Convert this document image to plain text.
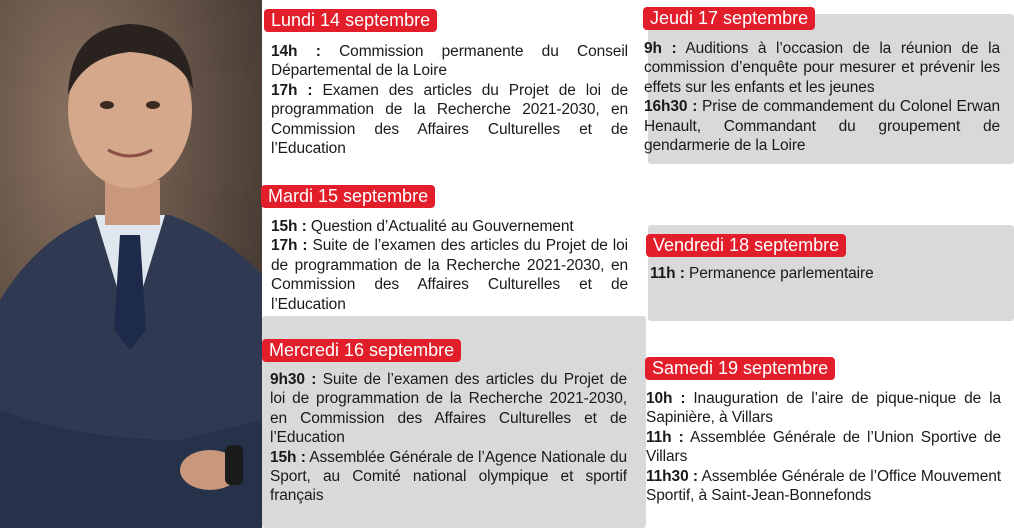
Lundi 14 septembre

14h : Commission permanente du Conseil Départemental de la Loire

17h : Examen des articles du Projet de loi de programmation de la Recherche 2021-2030, en Commission des Affaires Culturelles et de l’Education

Mardi 15 septembre

15h : Question d’Actualité au Gouvernement

17h : Suite de l’examen des articles du Projet de loi de programmation de la Recherche 2021-2030, en Commission des Affaires Culturelles et de l’Education

Mercredi 16 septembre

9h30 : Suite de l’examen des articles du Projet de loi de programmation de la Recherche 2021-2030, en Commission des Affaires Culturelles et de l’Education

15h : Assemblée Générale de l’Agence Nationale du Sport, au Comité national olympique et sportif français

Jeudi 17 septembre

9h : Auditions à l’occasion de la réunion de la commission d’enquête pour mesurer et prévenir les effets sur les enfants et les jeunes

16h30 : Prise de commandement du Colonel Erwan Henault, Commandant du groupement de gendarmerie de la Loire

Vendredi 18 septembre

11h : Permanence parlementaire

Samedi 19 septembre

10h : Inauguration de l’aire de pique-nique de la Sapinière, à Villars

11h : Assemblée Générale de l’Union Sportive de Villars

11h30 : Assemblée Générale de l’Office Mouvement Sportif, à Saint-Jean-Bonnefonds
